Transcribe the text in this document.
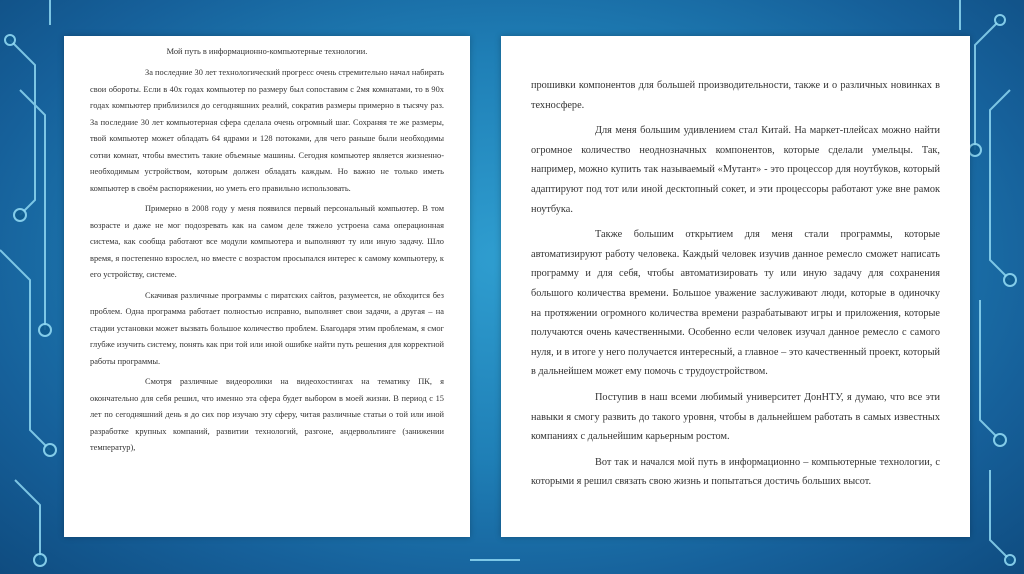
Мой путь в информационно-компьютерные технологии.

За последние 30 лет технологический прогресс очень стремительно начал набирать свои обороты. Если в 40х годах компьютер по размеру был сопоставим с 2мя комнатами, то в 90х годах компьютер приблизился до сегодняшних реалий, сократив размеры примерно в тысячу раз. За последние 30 лет компьютерная сфера сделала очень огромный шаг. Сохраняя те же размеры, твой компьютер может обладать 64 ядрами и 128 потоками, для чего раньше были необходимы сотни комнат, чтобы вместить такие объемные машины. Сегодня компьютер является жизненно-необходимым устройством, которым должен обладать каждым. Но важно не только иметь компьютер в своём распоряжении, но уметь его правильно использовать.

Примерно в 2008 году у меня появился первый персональный компьютер. В том возрасте и даже не мог подозревать как на самом деле тяжело устроена сама операционная система, как сообща работают все модули компьютера и выполняют ту или иную задачу. Шло время, я постепенно взрослел, но вместе с возрастом просыпался интерес к самому компьютеру, к его устройству, системе.

Скачивая различные программы с пиратских сайтов, разумеется, не обходится без проблем. Одна программа работает полностью исправно, выполняет свои задачи, а другая – на стадии установки может вызвать большое количество проблем. Благодаря этим проблемам, я смог глубже изучить систему, понять как при той или иной ошибке найти путь решения для корректной работы программы.

Смотря различные видеоролики на видеохостингах на тематику ПК, я окончательно для себя решил, что именно эта сфера будет выбором в моей жизни. В период с 15 лет по сегодняшний день я до сих пор изучаю эту сферу, читая различные статьи о той или иной разработке крупных компаний, развитии технологий, разгоне, андервольтинге (занижении температур),

прошивки компонентов для большей производительности, также и о различных новинках в техносфере.

Для меня большим удивлением стал Китай. На маркет-плейсах можно найти огромное количество неоднозначных компонентов, которые сделали умельцы. Так, например, можно купить так называемый «Мутант» - это процессор для ноутбуков, который адаптируют под тот или иной десктопный сокет, и эти процессоры работают уже вне рамок ноутбука.

Также большим открытием для меня стали программы, которые автоматизируют работу человека. Каждый человек изучив данное ремесло сможет написать программу и для себя, чтобы автоматизировать ту или иную задачу для сохранения большого количества времени. Большое уважение заслуживают люди, которые в одиночку на протяжении огромного количества времени разрабатывают игры и приложения, которые получаются очень качественными. Особенно если человек изучал данное ремесло с самого нуля, и в итоге у него получается интересный, а главное – это качественный проект, который в дальнейшем может ему помочь с трудоустройством.

Поступив в наш всеми любимый университет ДонНТУ, я думаю, что все эти навыки я смогу развить до такого уровня, чтобы в дальнейшем работать в самых известных компаниях с дальнейшим карьерным ростом.

Вот так и начался мой путь в информационно – компьютерные технологии, с которыми я решил связать свою жизнь и попытаться достичь больших высот.
